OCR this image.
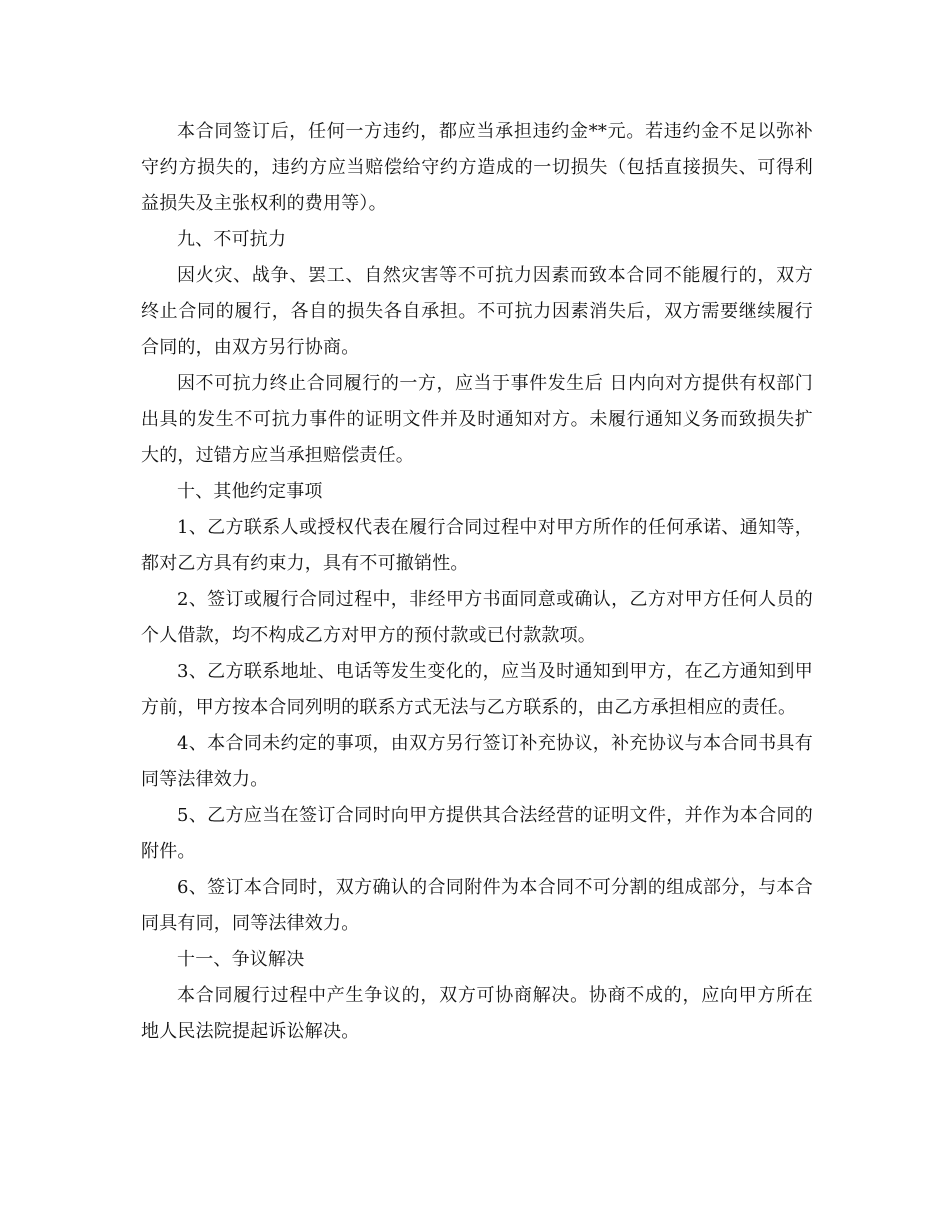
本合同签订后，任何一方违约，都应当承担违约金**元。若违约金不足以弥补守约方损失的，违约方应当赔偿给守约方造成的一切损失（包括直接损失、可得利益损失及主张权利的费用等）。

九、不可抗力

因火灾、战争、罢工、自然灾害等不可抗力因素而致本合同不能履行的，双方终止合同的履行，各自的损失各自承担。不可抗力因素消失后，双方需要继续履行合同的，由双方另行协商。

因不可抗力终止合同履行的一方，应当于事件发生后 日内向对方提供有权部门出具的发生不可抗力事件的证明文件并及时通知对方。未履行通知义务而致损失扩大的，过错方应当承担赔偿责任。

十、其他约定事项

1、乙方联系人或授权代表在履行合同过程中对甲方所作的任何承诺、通知等，都对乙方具有约束力，具有不可撤销性。

2、签订或履行合同过程中，非经甲方书面同意或确认，乙方对甲方任何人员的个人借款，均不构成乙方对甲方的预付款或已付款款项。

3、乙方联系地址、电话等发生变化的，应当及时通知到甲方，在乙方通知到甲方前，甲方按本合同列明的联系方式无法与乙方联系的，由乙方承担相应的责任。

4、本合同未约定的事项，由双方另行签订补充协议，补充协议与本合同书具有同等法律效力。

5、乙方应当在签订合同时向甲方提供其合法经营的证明文件，并作为本合同的附件。

6、签订本合同时，双方确认的合同附件为本合同不可分割的组成部分，与本合同具有同，同等法律效力。

十一、争议解决

本合同履行过程中产生争议的，双方可协商解决。协商不成的，应向甲方所在地人民法院提起诉讼解决。
